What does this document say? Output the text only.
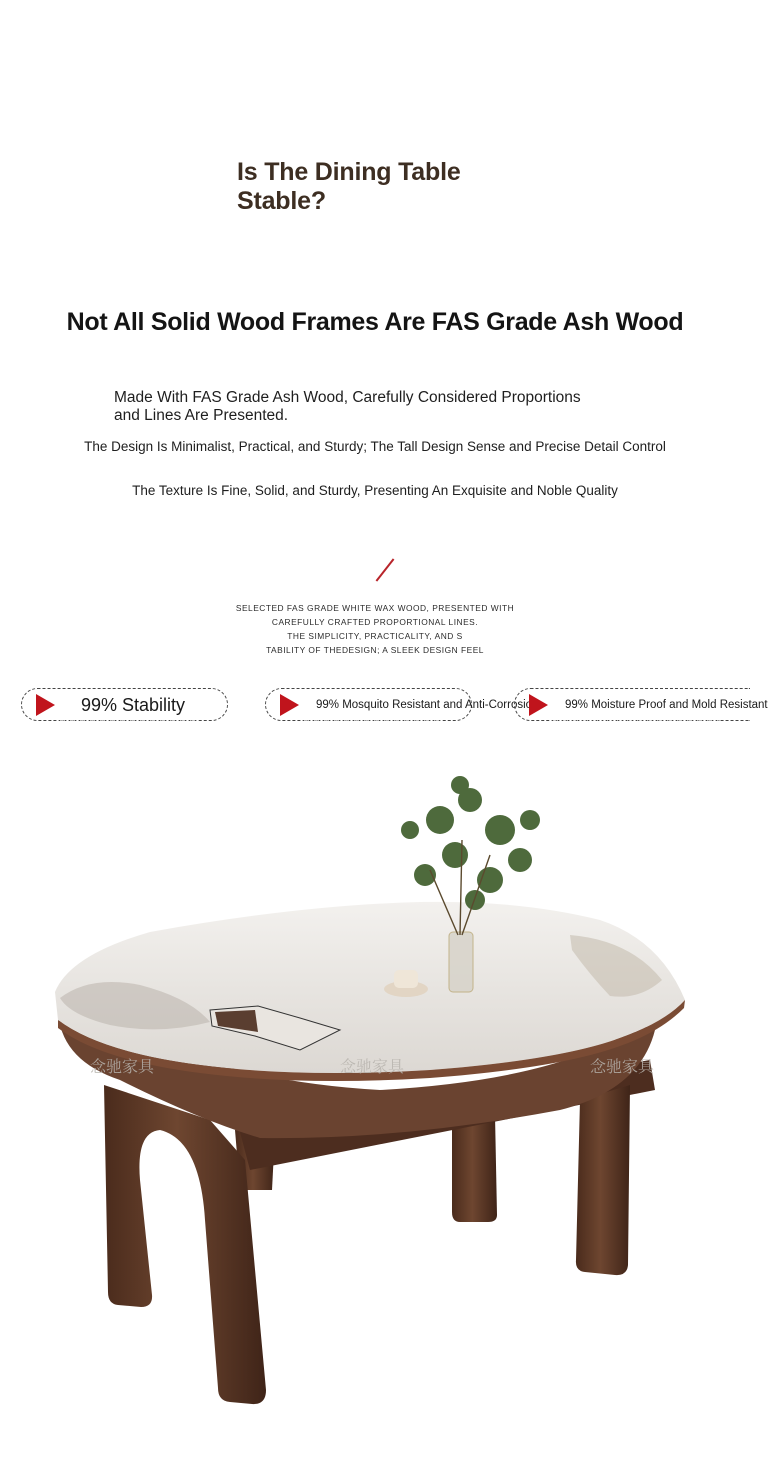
Is The Dining Table
Stable?
Not All Solid Wood Frames Are FAS Grade Ash Wood
Made With FAS Grade Ash Wood, Carefully Considered Proportions
and Lines Are Presented.
The Design Is Minimalist, Practical, and Sturdy; The Tall Design Sense and Precise Detail Control
The Texture Is Fine, Solid, and Sturdy, Presenting An Exquisite and Noble Quality
SELECTED FAS GRADE WHITE WAX WOOD, PRESENTED WITH
CAREFULLY CRAFTED PROPORTIONAL LINES.
THE SIMPLICITY, PRACTICALITY, AND S
TABILITY OF THEDESIGN; A SLEEK DESIGN FEEL
99% Stability	99% Mosquito Resistant and Anti-Corrosion 99% Moisture Proof and Mold Resistant
念驰家具	念驰家具	念驰家具
